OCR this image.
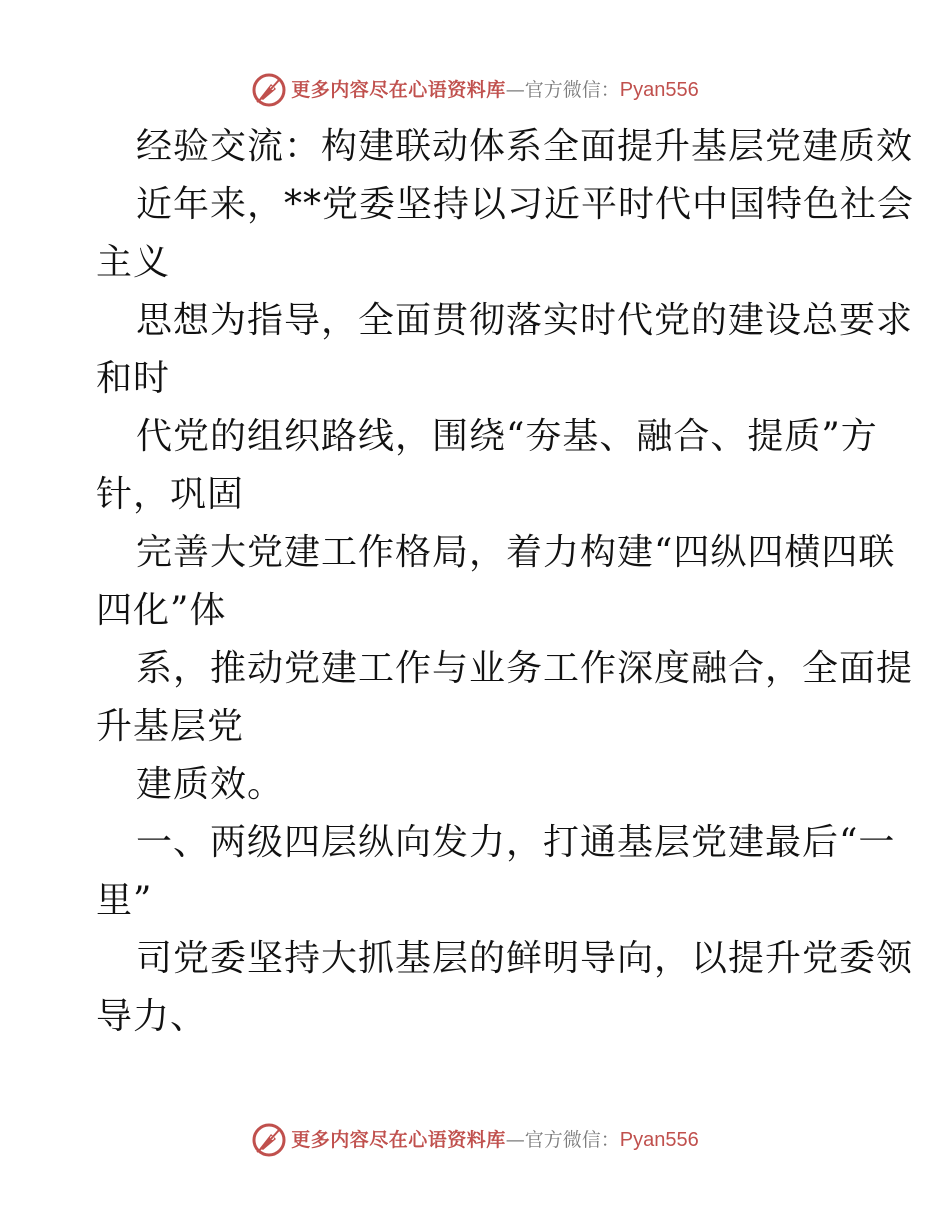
更多内容尽在心语资料库 —官方微信： Pyan556

经验交流：构建联动体系全面提升基层党建质效

近年来，**党委坚持以习近平时代中国特色社会

主义

思想为指导，全面贯彻落实时代党的建设总要求

和时

代党的组织路线，围绕“夯基、融合、提质”方

针，巩固

完善大党建工作格局，着力构建“四纵四横四联

四化”体

系，推动党建工作与业务工作深度融合，全面提

升基层党

建质效。

一、两级四层纵向发力，打通基层党建最后“一

里”

司党委坚持大抓基层的鲜明导向，以提升党委领

导力、

更多内容尽在心语资料库 —官方微信： Pyan556
